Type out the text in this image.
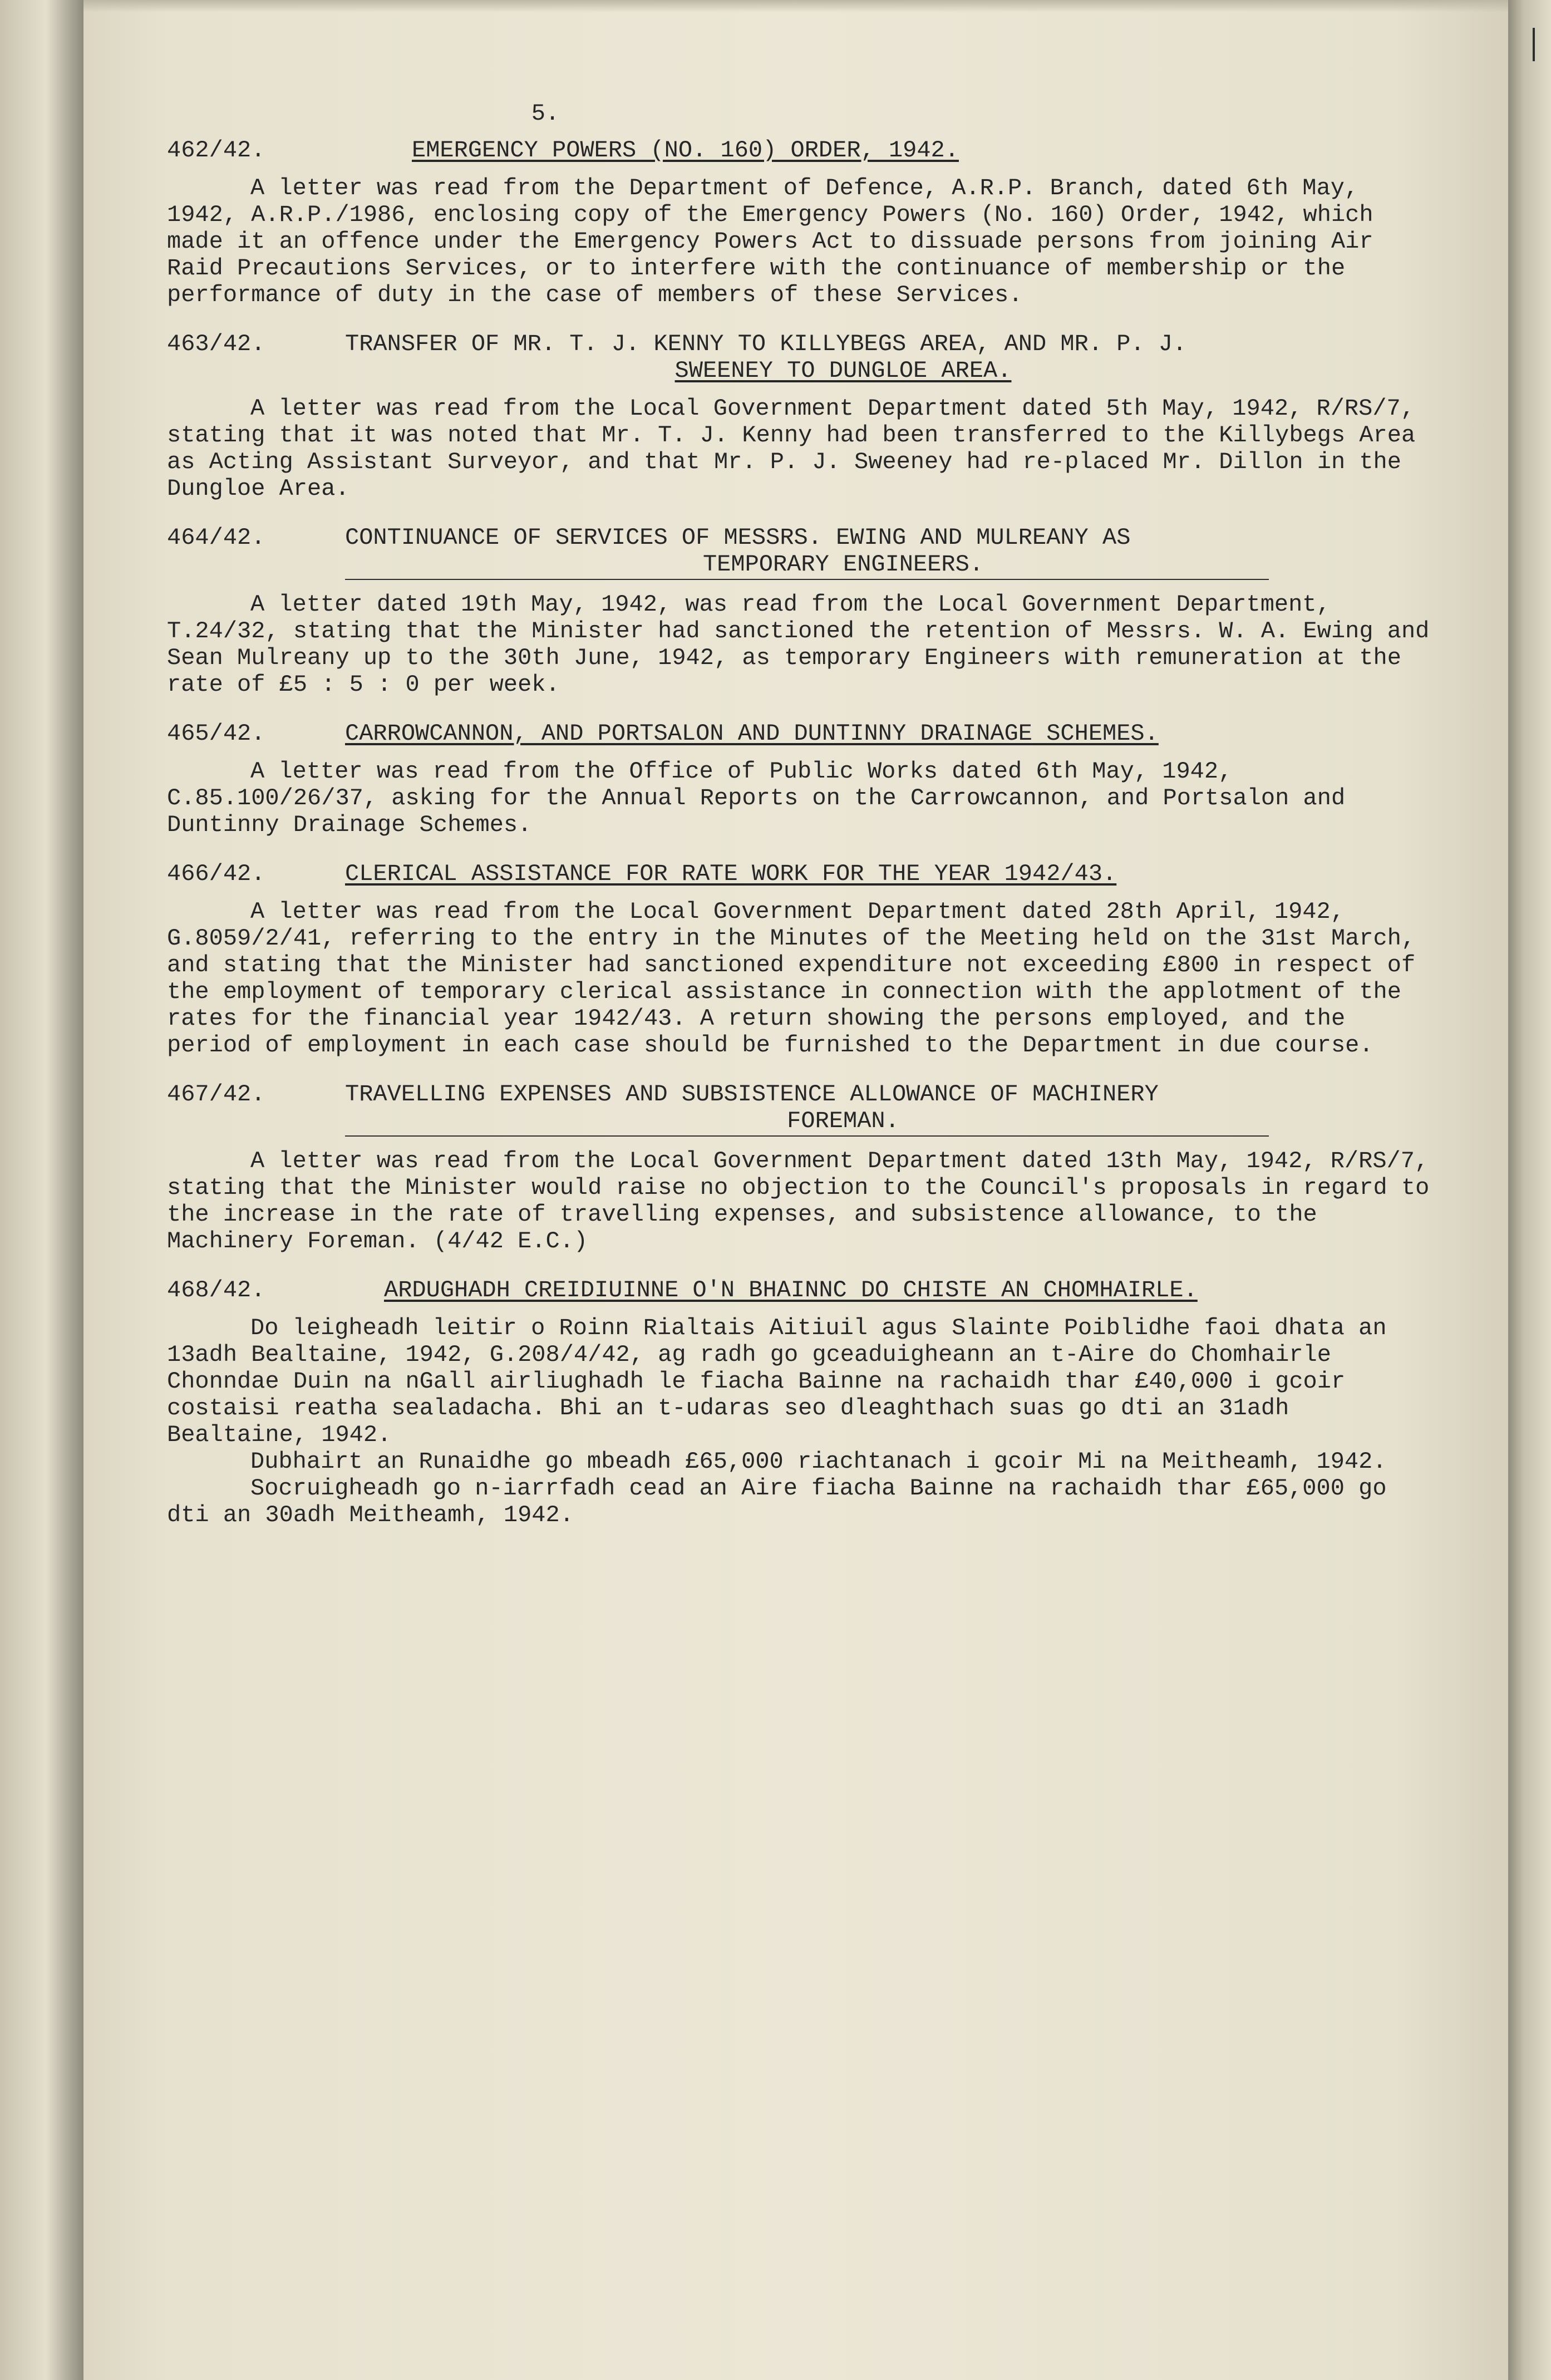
5.
462/42.	EMERGENCY POWERS (NO. 160) ORDER, 1942.

A letter was read from the Department of Defence, A.R.P. Branch, dated 6th May, 1942, A.R.P./1986, enclosing copy of the Emergency Powers (No. 160) Order, 1942, which made it an offence under the Emergency Powers Act to dissuade persons from joining Air Raid Precautions Services, or to interfere with the continuance of membership or the performance of duty in the case of members of these Services.

463/42.	TRANSFER OF MR. T. J. KENNY TO KILLYBEGS AREA, AND MR. P. J.
SWEENEY TO DUNGLOE AREA.

A letter was read from the Local Government Department dated 5th May, 1942, R/RS/7, stating that it was noted that Mr. T. J. Kenny had been transferred to the Killybegs Area as Acting Assistant Surveyor, and that Mr. P. J. Sweeney had re-placed Mr. Dillon in the Dungloe Area.

464/42.	CONTINUANCE OF SERVICES OF MESSRS. EWING AND MULREANY AS
TEMPORARY ENGINEERS.

A letter dated 19th May, 1942, was read from the Local Government Department, T.24/32, stating that the Minister had sanctioned the retention of Messrs. W. A. Ewing and Sean Mulreany up to the 30th June, 1942, as temporary Engineers with remuneration at the rate of £5 : 5 : 0 per week.

465/42.	CARROWCANNON, AND PORTSALON AND DUNTINNY DRAINAGE SCHEMES.

A letter was read from the Office of Public Works dated 6th May, 1942, C.85.100/26/37, asking for the Annual Reports on the Carrowcannon, and Portsalon and Duntinny Drainage Schemes.

466/42.	CLERICAL ASSISTANCE FOR RATE WORK FOR THE YEAR 1942/43.

A letter was read from the Local Government Department dated 28th April, 1942, G.8059/2/41, referring to the entry in the Minutes of the Meeting held on the 31st March, and stating that the Minister had sanctioned expenditure not exceeding £800 in respect of the employment of temporary clerical assistance in connection with the applotment of the rates for the financial year 1942/43. A return showing the persons employed, and the period of employment in each case should be furnished to the Department in due course.

467/42.	TRAVELLING EXPENSES AND SUBSISTENCE ALLOWANCE OF MACHINERY
FOREMAN.

A letter was read from the Local Government Department dated 13th May, 1942, R/RS/7, stating that the Minister would raise no objection to the Council's proposals in regard to the increase in the rate of travelling expenses, and subsistence allowance, to the Machinery Foreman. (4/42 E.C.)

468/42.	ARDUGHADH CREIDIUINNE O'N BHAINNC DO CHISTE AN CHOMHAIRLE.

Do leigheadh leitir o Roinn Rialtais Aitiuil agus Slainte Poiblidhe faoi dhata an 13adh Bealtaine, 1942, G.208/4/42, ag radh go gceaduigheann an t-Aire do Chomhairle Chonndae Duin na nGall airliughadh le fiacha Bainne na rachaidh thar £40,000 i gcoir costaisi reatha sealadacha. Bhi an t-udaras seo dleaghthach suas go dti an 31adh Bealtaine, 1942.

Dubhairt an Runaidhe go mbeadh £65,000 riachtanach i gcoir Mi na Meitheamh, 1942.

Socruigheadh go n-iarrfadh cead an Aire fiacha Bainne na rachaidh thar £65,000 go dti an 30adh Meitheamh, 1942.
